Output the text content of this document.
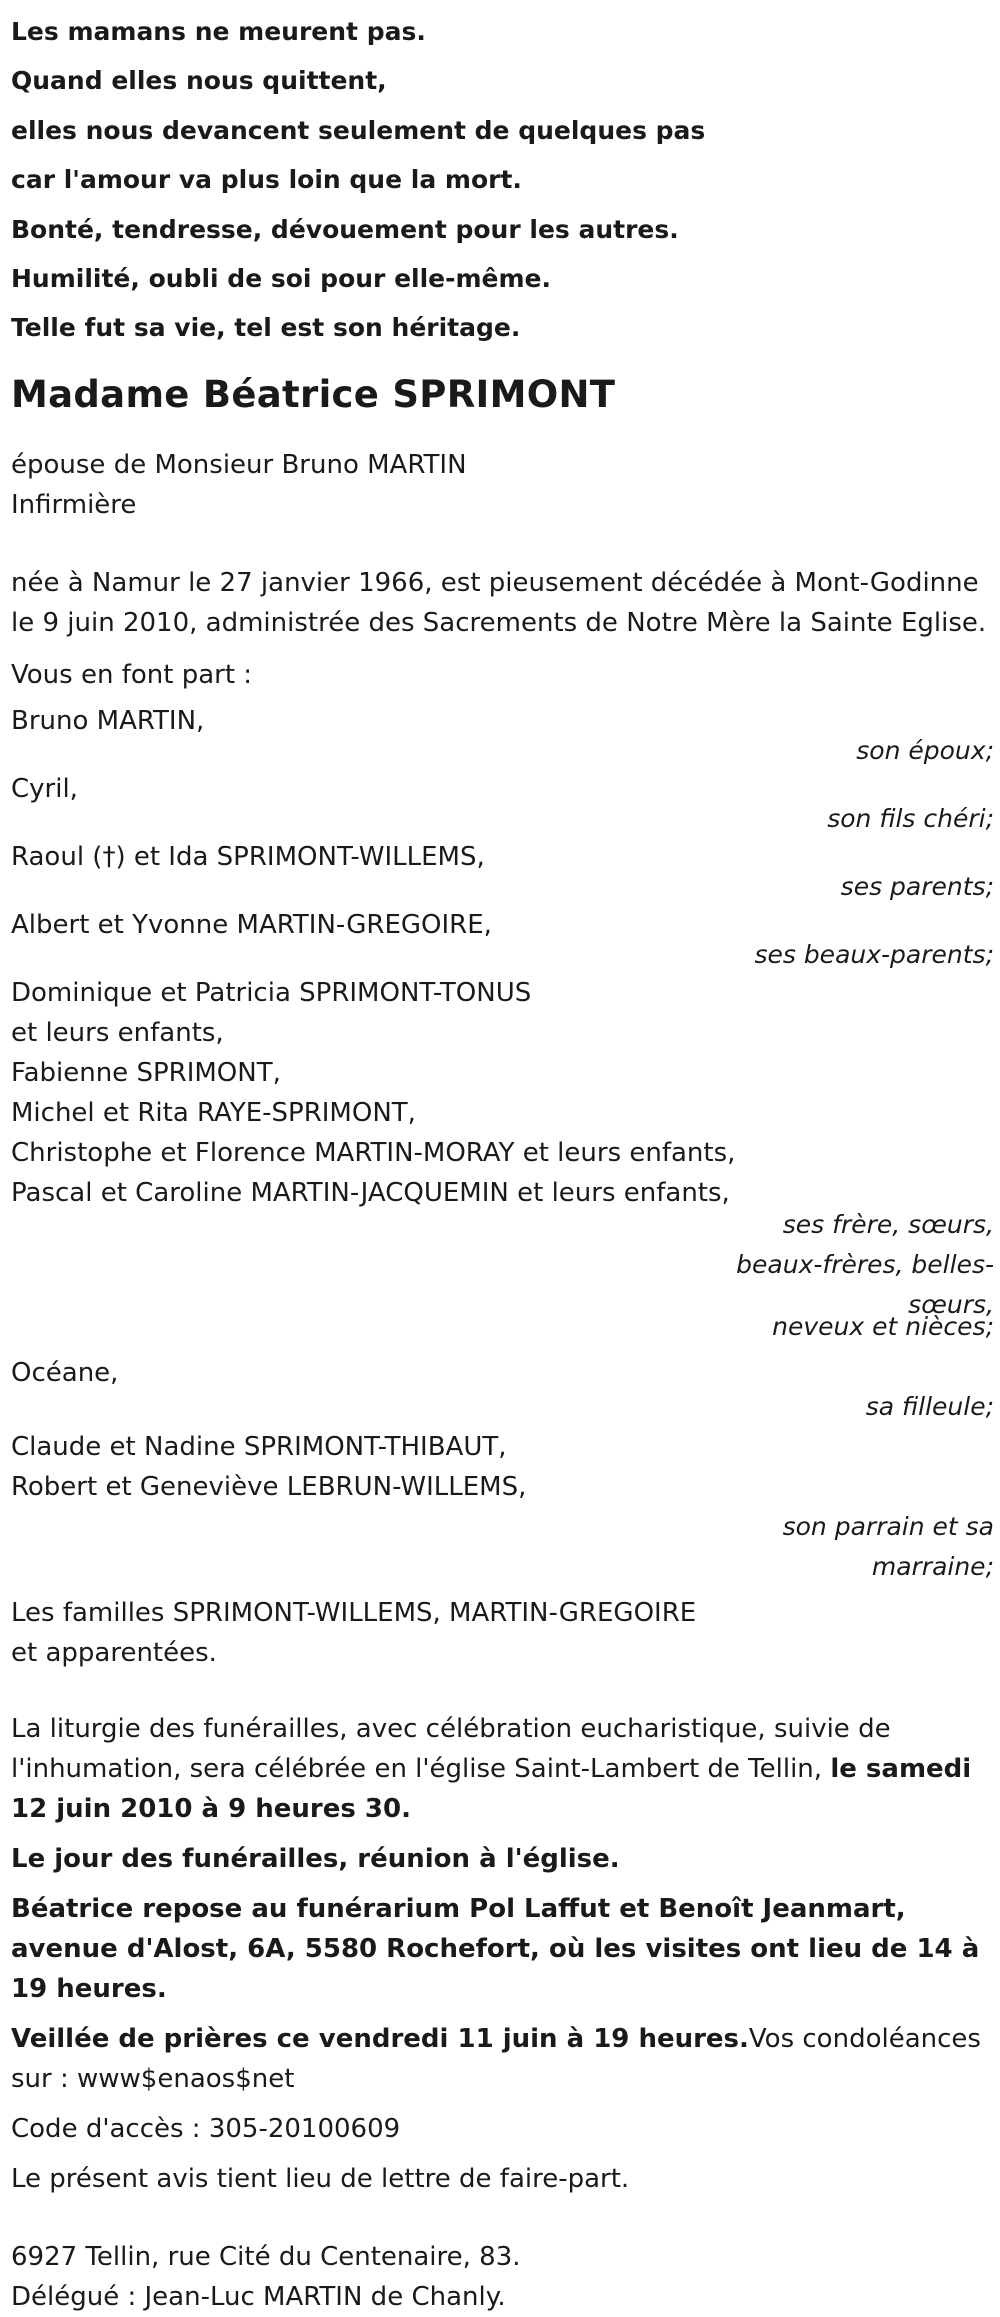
Les mamans ne meurent pas.
Quand elles nous quittent,
elles nous devancent seulement de quelques pas
car l'amour va plus loin que la mort.
Bonté, tendresse, dévouement pour les autres.
Humilité, oubli de soi pour elle-même.
Telle fut sa vie, tel est son héritage.
Madame Béatrice SPRIMONT
épouse de Monsieur Bruno MARTIN
Infirmière
née à Namur le 27 janvier 1966, est pieusement décédée à Mont-Godinne le 9 juin 2010, administrée des Sacrements de Notre Mère la Sainte Eglise.
Vous en font part :
Bruno MARTIN,
son époux;
Cyril,
son fils chéri;
Raoul (†) et Ida SPRIMONT-WILLEMS,
ses parents;
Albert et Yvonne MARTIN-GREGOIRE,
ses beaux-parents;
Dominique et Patricia SPRIMONT-TONUS
et leurs enfants,
Fabienne SPRIMONT,
Michel et Rita RAYE-SPRIMONT,
Christophe et Florence MARTIN-MORAY et leurs enfants,
Pascal et Caroline MARTIN-JACQUEMIN et leurs enfants,
ses frère, sœurs,
beaux-frères, belles-
sœurs,
neveux et nièces;
Océane,
sa filleule;
Claude et Nadine SPRIMONT-THIBAUT,
Robert et Geneviève LEBRUN-WILLEMS,
son parrain et sa
marraine;
Les familles SPRIMONT-WILLEMS, MARTIN-GREGOIRE
et apparentées.
La liturgie des funérailles, avec célébration eucharistique, suivie de l'inhumation, sera célébrée en l'église Saint-Lambert de Tellin, le samedi 12 juin 2010 à 9 heures 30.
Le jour des funérailles, réunion à l'église.
Béatrice repose au funérarium Pol Laffut et Benoît Jeanmart, avenue d'Alost, 6A, 5580 Rochefort, où les visites ont lieu de 14 à 19 heures.
Veillée de prières ce vendredi 11 juin à 19 heures.Vos condoléances sur : www$enaos$net
Code d'accès : 305-20100609
Le présent avis tient lieu de lettre de faire-part.
6927 Tellin, rue Cité du Centenaire, 83.
Délégué : Jean-Luc MARTIN de Chanly.
